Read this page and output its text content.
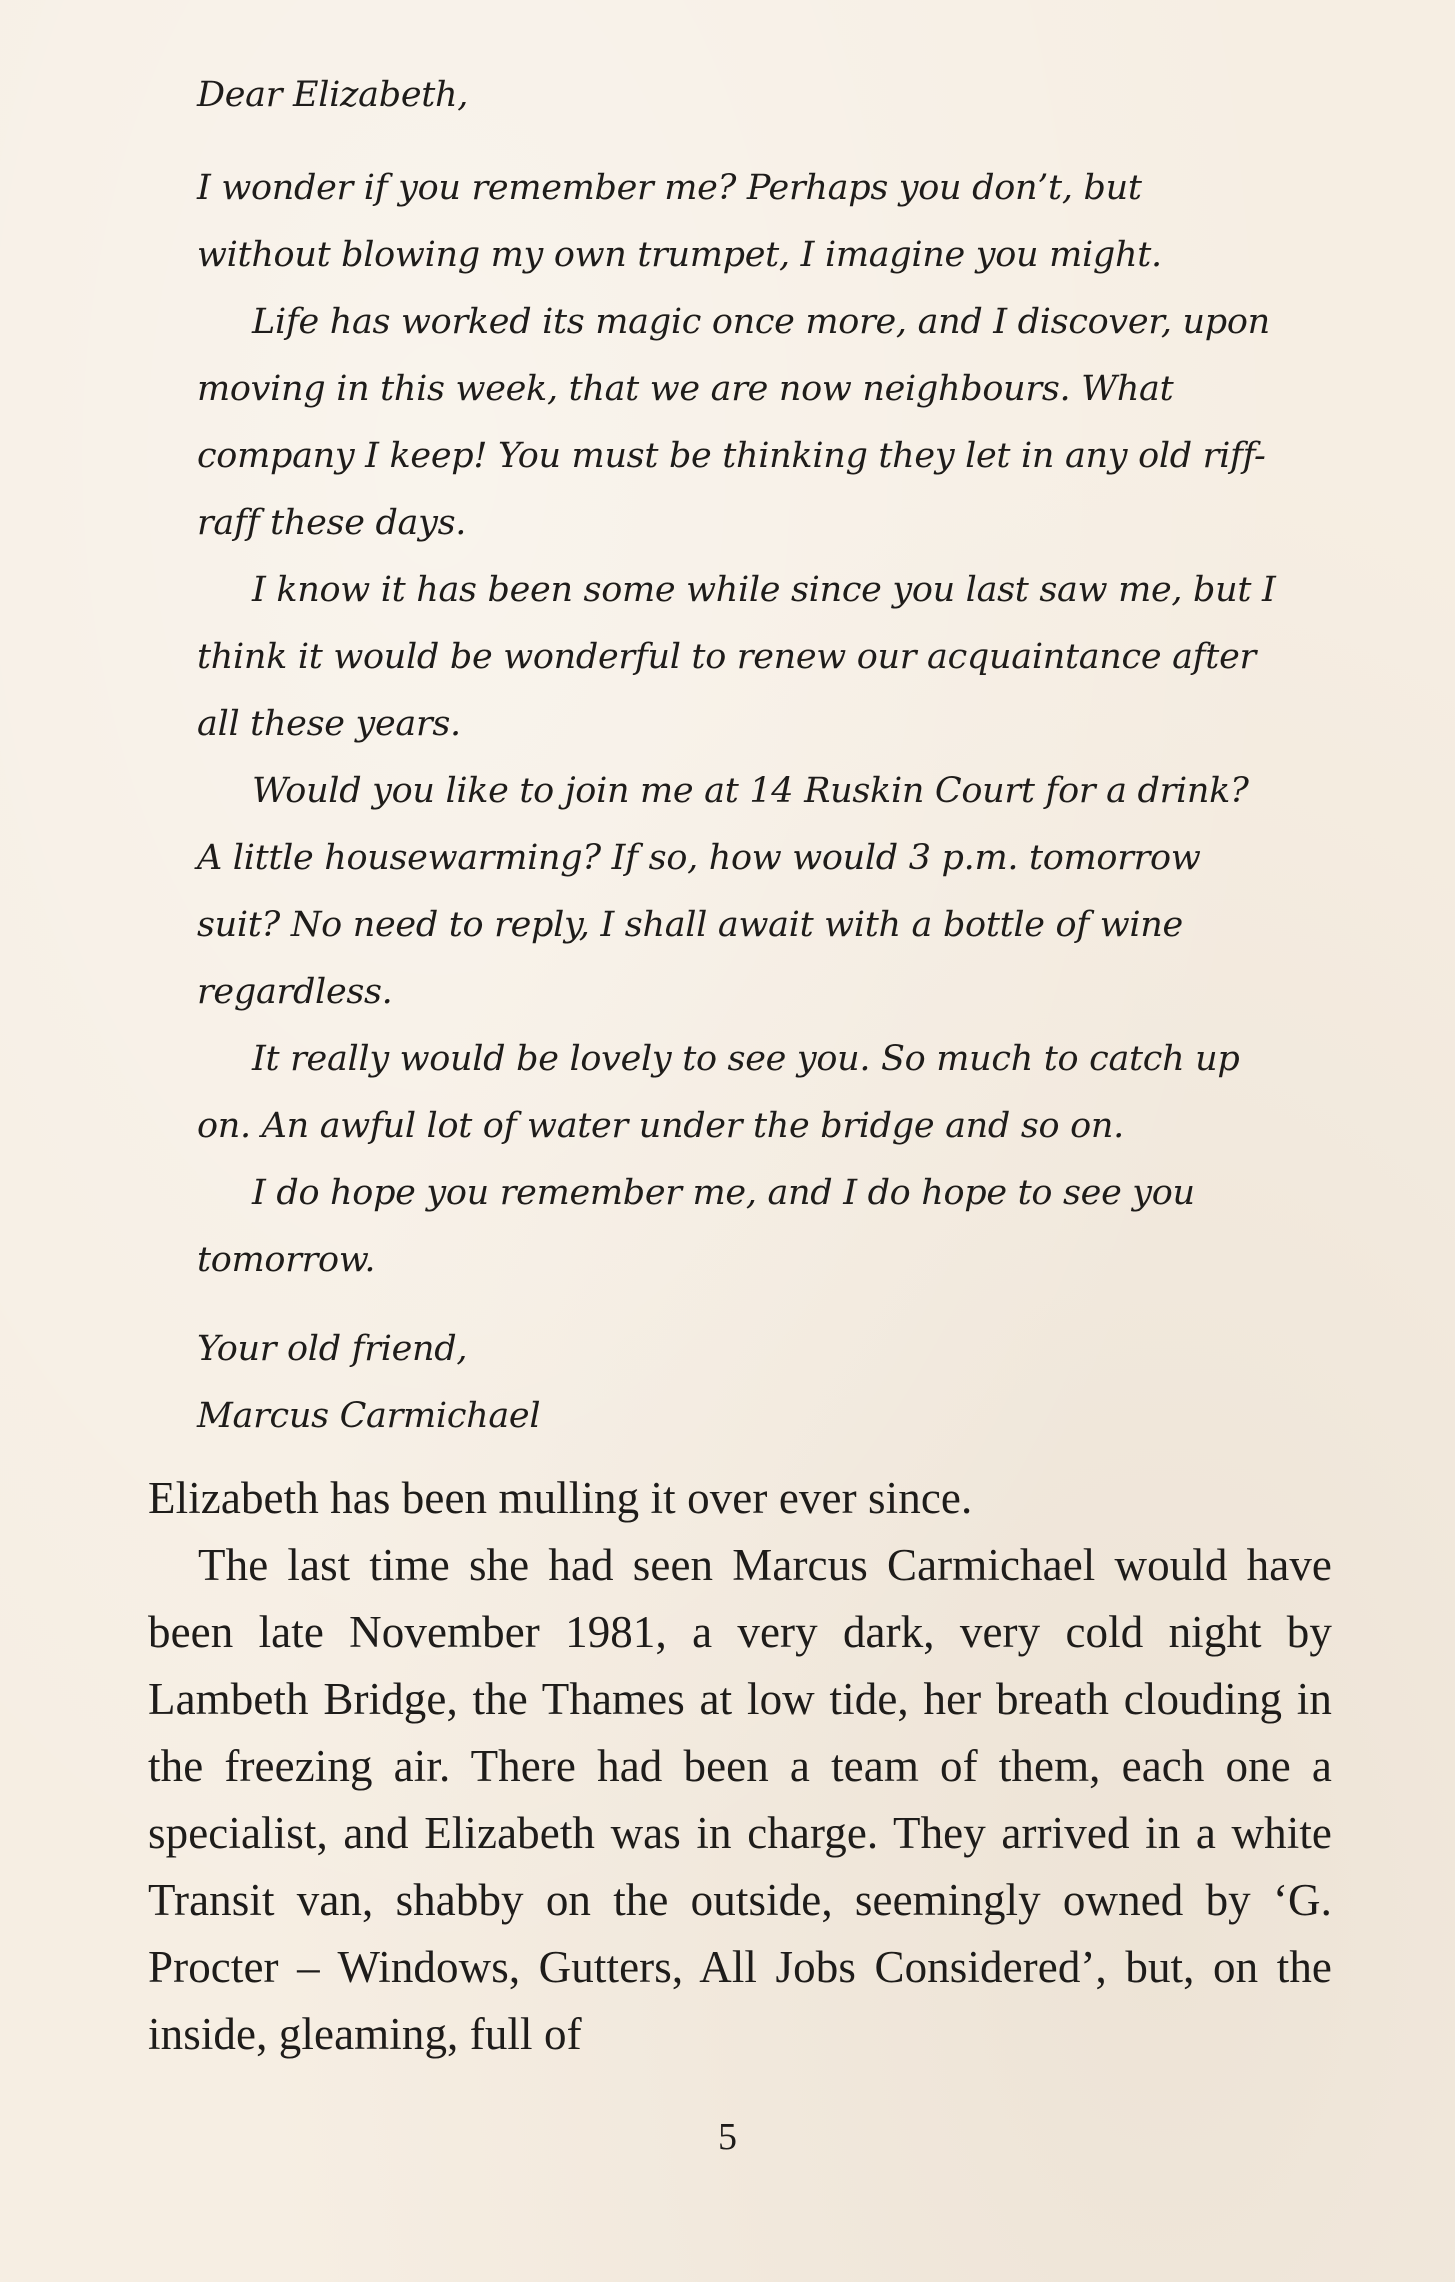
Dear Elizabeth,

I wonder if you remember me? Perhaps you don’t, but without blowing my own trumpet, I imagine you might.

Life has worked its magic once more, and I discover, upon moving in this week, that we are now neighbours. What company I keep! You must be thinking they let in any old riff-raff these days.

I know it has been some while since you last saw me, but I think it would be wonderful to renew our acquaintance after all these years.

Would you like to join me at 14 Ruskin Court for a drink? A little housewarming? If so, how would 3 p.m. tomorrow suit? No need to reply, I shall await with a bottle of wine regardless.

It really would be lovely to see you. So much to catch up on. An awful lot of water under the bridge and so on.

I do hope you remember me, and I do hope to see you tomorrow.

Your old friend,

Marcus Carmichael

Elizabeth has been mulling it over ever since.

The last time she had seen Marcus Carmichael would have been late November 1981, a very dark, very cold night by Lambeth Bridge, the Thames at low tide, her breath clouding in the freezing air. There had been a team of them, each one a specialist, and Elizabeth was in charge. They arrived in a white Transit van, shabby on the outside, seemingly owned by ‘G. Procter – Windows, Gutters, All Jobs Considered’, but, on the inside, gleaming, full of

5
